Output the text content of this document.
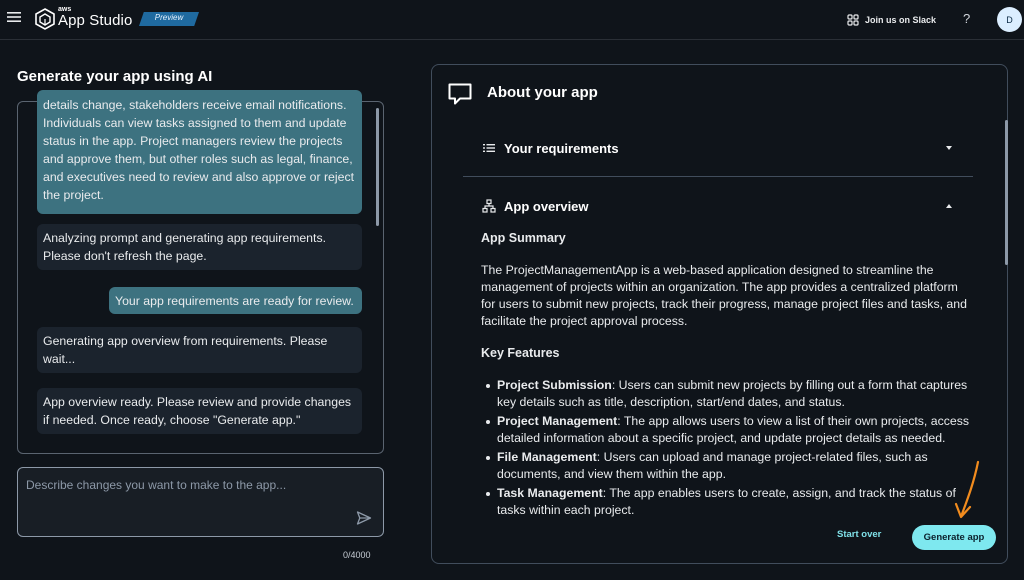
aws
App Studio	Preview	Join us on Slack ?	D
Generate your app using AI
details change, stakeholders receive email notifications. Individuals can view tasks assigned to them and update status in the app. Project managers review the projects and approve them, but other roles such as legal, finance, and executives need to review and also approve or reject the project.
Analyzing prompt and generating app requirements. Please don't refresh the page.
Your app requirements are ready for review.
Generating app overview from requirements. Please wait...
App overview ready. Please review and provide changes if needed. Once ready, choose "Generate app."
Describe changes you want to make to the app...
0/4000
About your app
Your requirements
App overview
App Summary

The ProjectManagementApp is a web-based application designed to streamline the management of projects within an organization. The app provides a centralized platform for users to submit new projects, track their progress, manage project files and tasks, and facilitate the project approval process.

Key Features
Project Submission: Users can submit new projects by filling out a form that captures key details such as title, description, start/end dates, and status.
Project Management: The app allows users to view a list of their own projects, access detailed information about a specific project, and update project details as needed.
File Management: Users can upload and manage project-related files, such as documents, and view them within the app.
Task Management: The app enables users to create, assign, and track the status of tasks within each project.
Start over	Generate app
